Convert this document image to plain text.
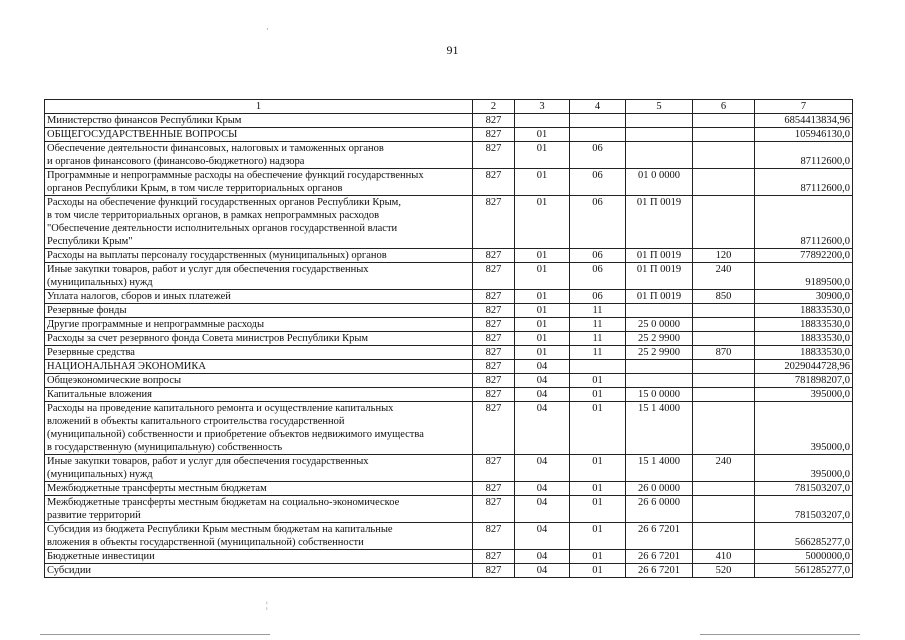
91
1	2	3	4	5	6	7
Министерство финансов Республики Крым	827					6854413834,96
ОБЩЕГОСУДАРСТВЕННЫЕ ВОПРОСЫ	827	01				105946130,0
Обеспечение деятельности финансовых, налоговых и таможенных органов
и органов финансового (финансово-бюджетного) надзора	827	01	06			87112600,0
Программные и непрограммные расходы на обеспечение функций государственных
органов Республики Крым, в том числе территориальных органов	827	01	06	01 0 0000		87112600,0
Расходы на обеспечение функций государственных органов Республики Крым,
в том числе территориальных органов, в рамках непрограммных расходов
"Обеспечение деятельности исполнительных органов государственной власти
Республики Крым"	827	01	06	01 П 0019		87112600,0
Расходы на выплаты персоналу государственных (муниципальных) органов	827	01	06	01 П 0019	120	77892200,0
Иные закупки товаров, работ и услуг для обеспечения государственных
(муниципальных) нужд	827	01	06	01 П 0019	240	9189500,0
Уплата налогов, сборов и иных платежей	827	01	06	01 П 0019	850	30900,0
Резервные фонды	827	01	11			18833530,0
Другие программные и непрограммные расходы	827	01	11	25 0 0000		18833530,0
Расходы за счет резервного фонда Совета министров Республики Крым	827	01	11	25 2 9900		18833530,0
Резервные средства	827	01	11	25 2 9900	870	18833530,0
НАЦИОНАЛЬНАЯ ЭКОНОМИКА	827	04				2029044728,96
Общеэкономические вопросы	827	04	01			781898207,0
Капитальные вложения	827	04	01	15 0 0000		395000,0
Расходы на проведение капитального ремонта и осуществление капитальных
вложений в объекты капитального строительства государственной
(муниципальной) собственности и приобретение объектов недвижимого имущества
в государственную (муниципальную) собственность	827	04	01	15 1 4000		395000,0
Иные закупки товаров, работ и услуг для обеспечения государственных
(муниципальных) нужд	827	04	01	15 1 4000	240	395000,0
Межбюджетные трансферты местным бюджетам	827	04	01	26 0 0000		781503207,0
Межбюджетные трансферты местным бюджетам на социально-экономическое
развитие территорий	827	04	01	26 6 0000		781503207,0
Субсидия из бюджета Республики Крым местным бюджетам на капитальные
вложения в объекты государственной (муниципальной) собственности	827	04	01	26 6 7201		566285277,0
Бюджетные инвестиции	827	04	01	26 6 7201	410	5000000,0
Субсидии	827	04	01	26 6 7201	520	561285277,0
·
¦
